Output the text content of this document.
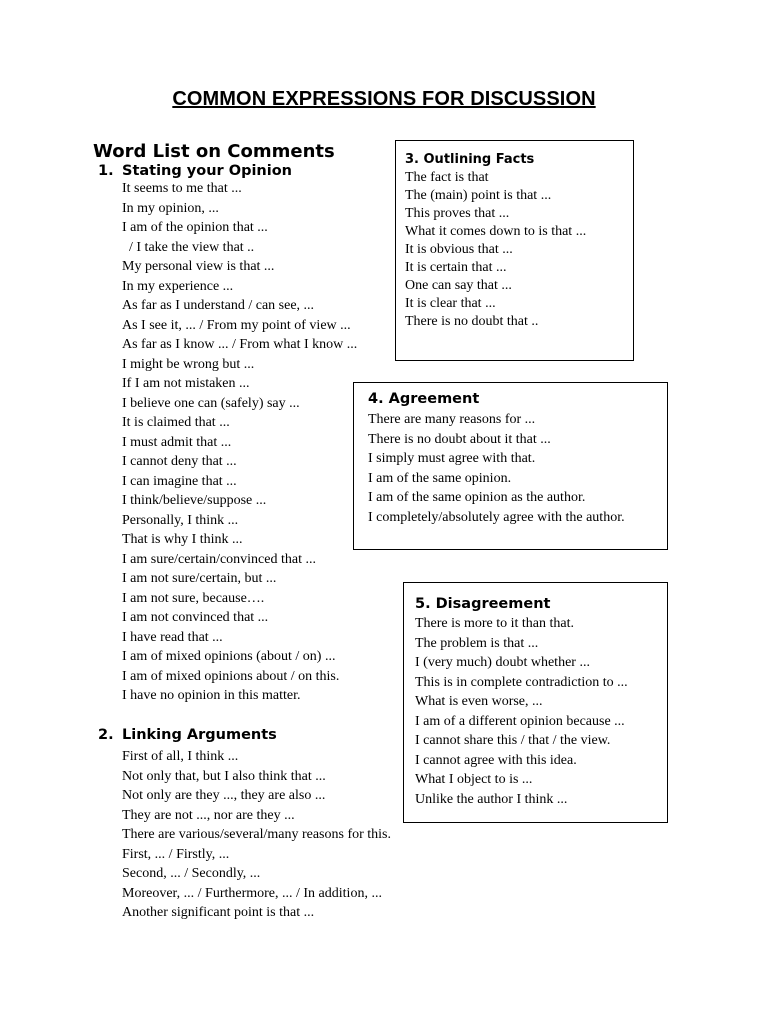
COMMON EXPRESSIONS FOR DISCUSSION
Word List on Comments
1. Stating your Opinion
It seems to me that ...
In my opinion, ...
I am of the opinion that ...
/ I take the view that ..
My personal view is that ...
In my experience ...
As far as I understand / can see, ...
As I see it, ... / From my point of view ...
As far as I know ... / From what I know ...
I might be wrong but ...
If I am not mistaken ...
I believe one can (safely) say ...
It is claimed that ...
I must admit that ...
I cannot deny that ...
I can imagine that ...
I think/believe/suppose ...
Personally, I think ...
That is why I think ...
I am sure/certain/convinced that ...
I am not sure/certain, but ...
I am not sure, because….
I am not convinced that ...
I have read that ...
I am of mixed opinions (about / on) ...
I am of mixed opinions about / on this.
I have no opinion in this matter.
2. Linking Arguments
First of all, I think ...
Not only that, but I also think that ...
Not only are they ..., they are also ...
They are not ..., nor are they ...
There are various/several/many reasons for this.
First, ... / Firstly, ...
Second, ... / Secondly, ...
Moreover, ... / Furthermore, ... / In addition, ...
Another significant point is that ...
3. Outlining Facts
The fact is that
The (main) point is that ...
This proves that ...
What it comes down to is that ...
It is obvious that ...
It is certain that ...
One can say that ...
It is clear that ...
There is no doubt that ..
4. Agreement
There are many reasons for ...
There is no doubt about it that ...
I simply must agree with that.
I am of the same opinion.
I am of the same opinion as the author.
I completely/absolutely agree with the author.
5. Disagreement
There is more to it than that.
The problem is that ...
I (very much) doubt whether ...
This is in complete contradiction to ...
What is even worse, ...
I am of a different opinion because ...
I cannot share this / that / the view.
I cannot agree with this idea.
What I object to is ...
Unlike the author I think ...
